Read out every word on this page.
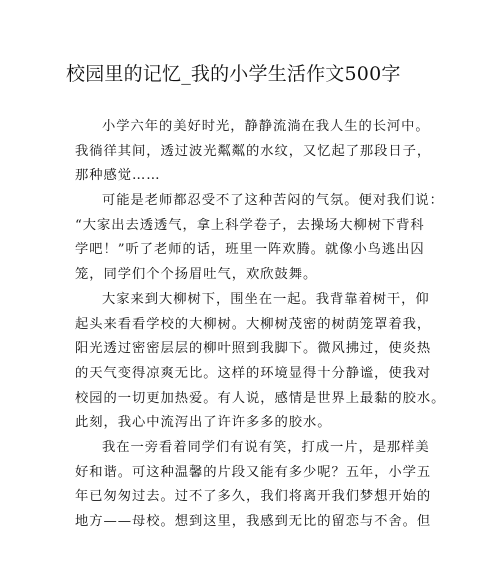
校园里的记忆_我的小学生活作文500字
小学六年的美好时光，静静流淌在我人生的长河中。
我徜徉其间，透过波光粼粼的水纹，又忆起了那段日子，
那种感觉……
可能是老师都忍受不了这种苦闷的气氛。便对我们说：
“大家出去透透气，拿上科学卷子，去操场大柳树下背科
学吧！”听了老师的话，班里一阵欢腾。就像小鸟逃出囚
笼，同学们个个扬眉吐气，欢欣鼓舞。
大家来到大柳树下，围坐在一起。我背靠着树干，仰
起头来看看学校的大柳树。大柳树茂密的树荫笼罩着我，
阳光透过密密层层的柳叶照到我脚下。微风拂过，使炎热
的天气变得凉爽无比。这样的环境显得十分静谧，使我对
校园的一切更加热爱。有人说，感情是世界上最黏的胶水。
此刻，我心中流泻出了许许多多的胶水。
我在一旁看着同学们有说有笑，打成一片，是那样美
好和谐。可这种温馨的片段又能有多少呢？五年，小学五
年已匆匆过去。过不了多久，我们将离开我们梦想开始的
地方——母校。想到这里，我感到无比的留恋与不舍。但
